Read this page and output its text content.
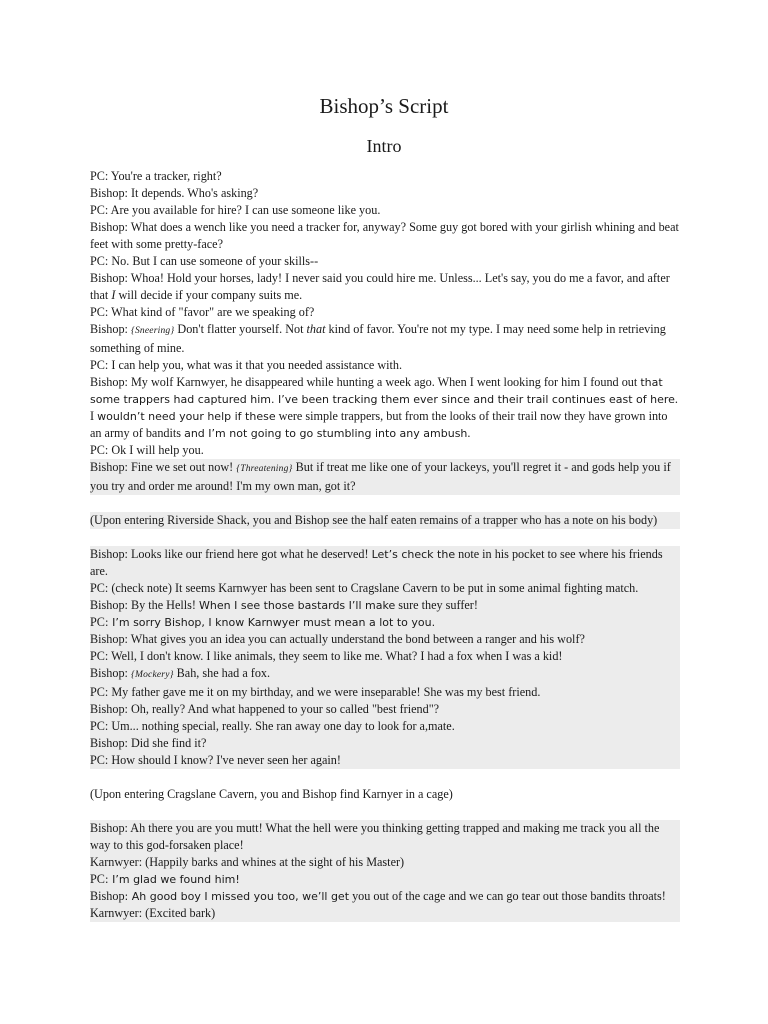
Bishop’s Script
Intro
PC: You're a tracker, right?
Bishop: It depends. Who's asking?
PC: Are you available for hire? I can use someone like you.
Bishop: What does a wench like you need a tracker for, anyway? Some guy got bored with your girlish whining and beat feet with some pretty-face?
PC: No. But I can use someone of your skills--
Bishop: Whoa! Hold your horses, lady! I never said you could hire me. Unless... Let's say, you do me a favor, and after that I will decide if your company suits me.
PC: What kind of "favor" are we speaking of?
Bishop: {Sneering} Don't flatter yourself. Not that kind of favor. You're not my type. I may need some help in retrieving something of mine.
PC: I can help you, what was it that you needed assistance with.
Bishop: My wolf Karnwyer, he disappeared while hunting a week ago. When I went looking for him I found out that some trappers had captured him. I’ve been tracking them ever since and their trail continues east of here. I wouldn’t need your help if these were simple trappers, but from the looks of their trail now they have grown into an army of bandits and I’m not going to go stumbling into any ambush.
PC: Ok I will help you.
Bishop: Fine we set out now! {Threatening} But if treat me like one of your lackeys, you'll regret it - and gods help you if you try and order me around! I'm my own man, got it?
(Upon entering Riverside Shack, you and Bishop see the half eaten remains of a trapper who has a note on his body)
Bishop: Looks like our friend here got what he deserved! Let’s check the note in his pocket to see where his friends are.
PC: (check note) It seems Karnwyer has been sent to Cragslane Cavern to be put in some animal fighting match.
Bishop: By the Hells! When I see those bastards I’ll make sure they suffer!
PC: I’m sorry Bishop, I know Karnwyer must mean a lot to you.
Bishop: What gives you an idea you can actually understand the bond between a ranger and his wolf?
PC: Well, I don't know. I like animals, they seem to like me. What? I had a fox when I was a kid!
Bishop: {Mockery} Bah, she had a fox.
PC: My father gave me it on my birthday, and we were inseparable! She was my best friend.
Bishop: Oh, really? And what happened to your so called "best friend"?
PC: Um... nothing special, really. She ran away one day to look for a,mate.
Bishop: Did she find it?
PC: How should I know? I've never seen her again!
(Upon entering Cragslane Cavern, you and Bishop find Karnyer in a cage)
Bishop: Ah there you are you mutt! What the hell were you thinking getting trapped and making me track you all the way to this god-forsaken place!
Karnwyer: (Happily barks and whines at the sight of his Master)
PC: I’m glad we found him!
Bishop: Ah good boy I missed you too, we’ll get you out of the cage and we can go tear out those bandits throats!
Karnwyer: (Excited bark)
